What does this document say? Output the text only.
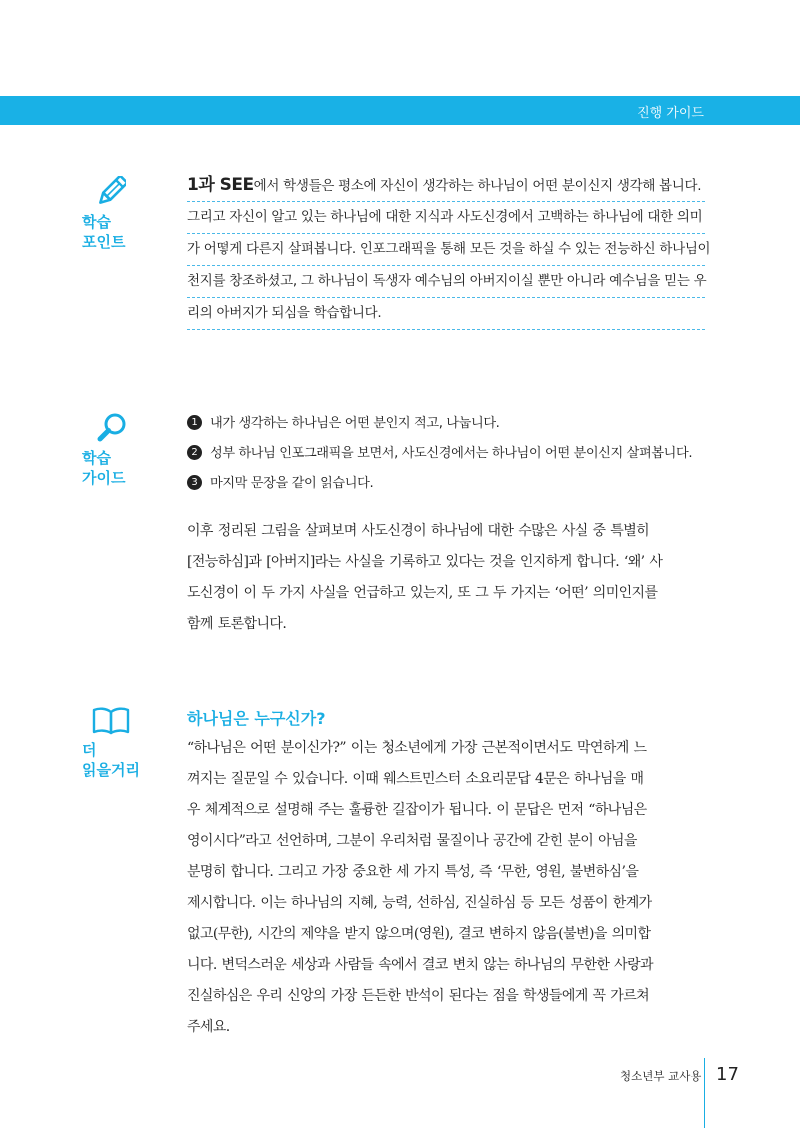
진행 가이드
학습
포인트
1과 SEE에서 학생들은 평소에 자신이 생각하는 하나님이 어떤 분이신지 생각해 봅니다.
그리고 자신이 알고 있는 하나님에 대한 지식과 사도신경에서 고백하는 하나님에 대한 의미
가 어떻게 다른지 살펴봅니다. 인포그래픽을 통해 모든 것을 하실 수 있는 전능하신 하나님이
천지를 창조하셨고, 그 하나님이 독생자 예수님의 아버지이실 뿐만 아니라 예수님을 믿는 우
리의 아버지가 되심을 학습합니다.
학습
가이드
1 내가 생각하는 하나님은 어떤 분인지 적고, 나눕니다.
2 성부 하나님 인포그래픽을 보면서, 사도신경에서는 하나님이 어떤 분이신지 살펴봅니다.
3 마지막 문장을 같이 읽습니다.
이후 정리된 그림을 살펴보며 사도신경이 하나님에 대한 수많은 사실 중 특별히
[전능하심]과 [아버지]라는 사실을 기록하고 있다는 것을 인지하게 합니다. ‘왜’ 사
도신경이 이 두 가지 사실을 언급하고 있는지, 또 그 두 가지는 ‘어떤’ 의미인지를
함께 토론합니다.
더
읽을거리
하나님은 누구신가?
“하나님은 어떤 분이신가?” 이는 청소년에게 가장 근본적이면서도 막연하게 느
껴지는 질문일 수 있습니다. 이때 웨스트민스터 소요리문답 4문은 하나님을 매
우 체계적으로 설명해 주는 훌륭한 길잡이가 됩니다. 이 문답은 먼저 “하나님은
영이시다”라고 선언하며, 그분이 우리처럼 물질이나 공간에 갇힌 분이 아님을
분명히 합니다. 그리고 가장 중요한 세 가지 특성, 즉 ‘무한, 영원, 불변하심’을
제시합니다. 이는 하나님의 지혜, 능력, 선하심, 진실하심 등 모든 성품이 한계가
없고(무한), 시간의 제약을 받지 않으며(영원), 결코 변하지 않음(불변)을 의미합
니다. 변덕스러운 세상과 사람들 속에서 결코 변치 않는 하나님의 무한한 사랑과
진실하심은 우리 신앙의 가장 든든한 반석이 된다는 점을 학생들에게 꼭 가르쳐
주세요.
청소년부 교사용 17
